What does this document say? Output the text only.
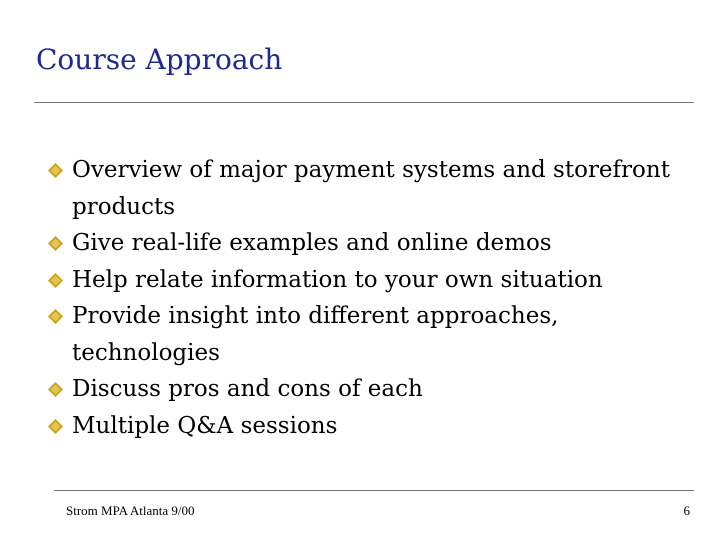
Course Approach
Overview of major payment systems and storefront products
Give real-life examples and online demos
Help relate information to your own situation
Provide insight into different approaches, technologies
Discuss pros and cons of each
Multiple Q&A sessions
Strom MPA Atlanta 9/00	6
